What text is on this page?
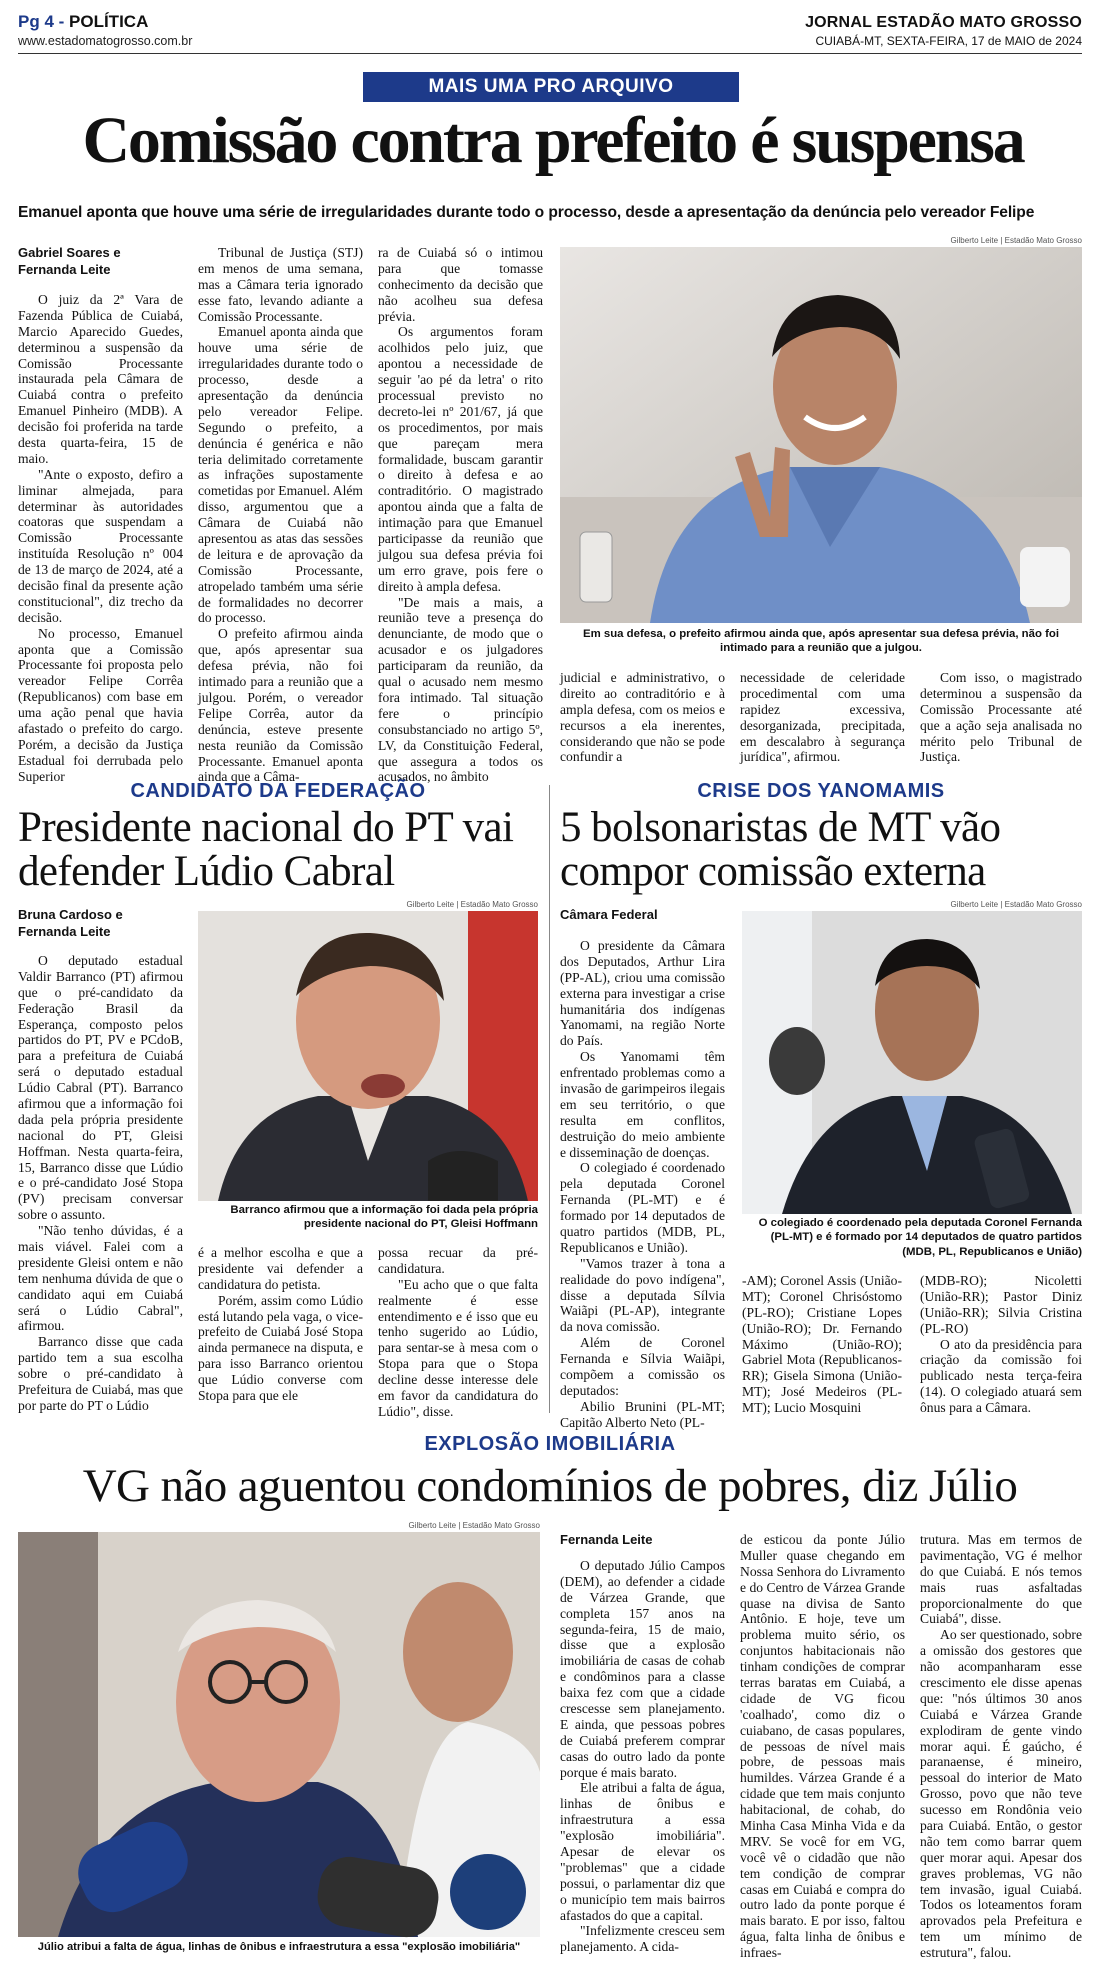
Pg 4 - POLÍTICA
www.estadomatogrosso.com.br
JORNAL ESTADÃO MATO GROSSO
CUIABÁ-MT, SEXTA-FEIRA, 17 de MAIO de 2024
MAIS UMA PRO ARQUIVO
Comissão contra prefeito é suspensa
Emanuel aponta que houve uma série de irregularidades durante todo o processo, desde a apresentação da denúncia pelo vereador Felipe
Gabriel Soares e
Fernanda Leite

O juiz da 2ª Vara de Fazenda Pública de Cuiabá, Marcio Aparecido Guedes, determinou a suspensão da Comissão Processante instaurada pela Câmara de Cuiabá contra o prefeito Emanuel Pinheiro (MDB). A decisão foi proferida na tarde desta quarta-feira, 15 de maio.

"Ante o exposto, defiro a liminar almejada, para determinar às autoridades coatoras que suspendam a Comissão Processante instituída Resolução nº 004 de 13 de março de 2024, até a decisão final da presente ação constitucional", diz trecho da decisão.

No processo, Emanuel aponta que a Comissão Processante foi proposta pelo vereador Felipe Corrêa (Republicanos) com base em uma ação penal que havia afastado o prefeito do cargo. Porém, a decisão da Justiça Estadual foi derrubada pelo Superior

Tribunal de Justiça (STJ) em menos de uma semana, mas a Câmara teria ignorado esse fato, levando adiante a Comissão Processante.

Emanuel aponta ainda que houve uma série de irregularidades durante todo o processo, desde a apresentação da denúncia pelo vereador Felipe. Segundo o prefeito, a denúncia é genérica e não teria delimitado corretamente as infrações supostamente cometidas por Emanuel. Além disso, argumentou que a Câmara de Cuiabá não apresentou as atas das sessões de leitura e de aprovação da Comissão Processante, atropelado também uma série de formalidades no decorrer do processo.

O prefeito afirmou ainda que, após apresentar sua defesa prévia, não foi intimado para a reunião que a julgou. Porém, o vereador Felipe Corrêa, autor da denúncia, esteve presente nesta reunião da Comissão Processante. Emanuel aponta ainda que a Câma-

ra de Cuiabá só o intimou para que tomasse conhecimento da decisão que não acolheu sua defesa prévia.

Os argumentos foram acolhidos pelo juiz, que apontou a necessidade de seguir 'ao pé da letra' o rito processual previsto no decreto-lei nº 201/67, já que os procedimentos, por mais que pareçam mera formalidade, buscam garantir o direito à defesa e ao contraditório. O magistrado apontou ainda que a falta de intimação para que Emanuel participasse da reunião que julgou sua defesa prévia foi um erro grave, pois fere o direito à ampla defesa.

"De mais a mais, a reunião teve a presença do denunciante, de modo que o acusador e os julgadores participaram da reunião, da qual o acusado nem mesmo fora intimado. Tal situação fere o princípio consubstanciado no artigo 5º, LV, da Constituição Federal, que assegura a todos os acusados, no âmbito

Gilberto Leite | Estadão Mato Grosso
Em sua defesa, o prefeito afirmou ainda que, após apresentar sua defesa prévia, não foi intimado para a reunião que a julgou.

judicial e administrativo, o direito ao contraditório e à ampla defesa, com os meios e recursos a ela inerentes, considerando que não se pode confundir a

necessidade de celeridade procedimental com uma rapidez excessiva, desorganizada, precipitada, em descalabro à segurança jurídica", afirmou.

Com isso, o magistrado determinou a suspensão da Comissão Processante até que a ação seja analisada no mérito pelo Tribunal de Justiça.

CANDIDATO DA FEDERAÇÃO
Presidente nacional do PT vai defender Lúdio Cabral
Bruna Cardoso e
Fernanda Leite

O deputado estadual Valdir Barranco (PT) afirmou que o pré-candidato da Federação Brasil da Esperança, composto pelos partidos do PT, PV e PCdoB, para a prefeitura de Cuiabá será o deputado estadual Lúdio Cabral (PT). Barranco afirmou que a informação foi dada pela própria presidente nacional do PT, Gleisi Hoffman. Nesta quarta-feira, 15, Barranco disse que Lúdio e o pré-candidato José Stopa (PV) precisam conversar sobre o assunto.

"Não tenho dúvidas, é a mais viável. Falei com a presidente Gleisi ontem e não tem nenhuma dúvida de que o candidato aqui em Cuiabá será o Lúdio Cabral", afirmou.

Barranco disse que cada partido tem a sua escolha sobre o pré-candidato à Prefeitura de Cuiabá, mas que por parte do PT o Lúdio

Gilberto Leite | Estadão Mato Grosso
Barranco afirmou que a informação foi dada pela própria presidente nacional do PT, Gleisi Hoffmann

é a melhor escolha e que a presidente vai defender a candidatura do petista.

Porém, assim como Lúdio está lutando pela vaga, o vice-prefeito de Cuiabá José Stopa ainda permanece na disputa, e para isso Barranco orientou que Lúdio converse com Stopa para que ele

possa recuar da pré-candidatura.

"Eu acho que o que falta realmente é esse entendimento e é isso que eu tenho sugerido ao Lúdio, para sentar-se à mesa com o Stopa para que o Stopa decline desse interesse dele em favor da candidatura do Lúdio", disse.

CRISE DOS YANOMAMIS
5 bolsonaristas de MT vão compor comissão externa
Câmara Federal

O presidente da Câmara dos Deputados, Arthur Lira (PP-AL), criou uma comissão externa para investigar a crise humanitária dos indígenas Yanomami, na região Norte do País.

Os Yanomami têm enfrentado problemas como a invasão de garimpeiros ilegais em seu território, o que resulta em conflitos, destruição do meio ambiente e disseminação de doenças.

O colegiado é coordenado pela deputada Coronel Fernanda (PL-MT) e é formado por 14 deputados de quatro partidos (MDB, PL, Republicanos e União).

"Vamos trazer à tona a realidade do povo indígena", disse a deputada Sílvia Waiãpi (PL-AP), integrante da nova comissão.

Além de Coronel Fernanda e Sílvia Waiãpi, compõem a comissão os deputados:

Abilio Brunini (PL-MT; Capitão Alberto Neto (PL-

Gilberto Leite | Estadão Mato Grosso
O colegiado é coordenado pela deputada Coronel Fernanda (PL-MT) e é formado por 14 deputados de quatro partidos (MDB, PL, Republicanos e União)

-AM); Coronel Assis (União-MT); Coronel Chrisóstomo (PL-RO); Cristiane Lopes (União-RO); Dr. Fernando Máximo (União-RO); Gabriel Mota (Republicanos-RR); Gisela Simona (União-MT); José Medeiros (PL-MT); Lucio Mosquini

(MDB-RO); Nicoletti (União-RR); Pastor Diniz (União-RR); Silvia Cristina (PL-RO)

O ato da presidência para criação da comissão foi publicado nesta terça-feira (14). O colegiado atuará sem ônus para a Câmara.

EXPLOSÃO IMOBILIÁRIA
VG não aguentou condomínios de pobres, diz Júlio
Gilberto Leite | Estadão Mato Grosso
Júlio atribui a falta de água, linhas de ônibus e infraestrutura a essa "explosão imobiliária"
Fernanda Leite

O deputado Júlio Campos (DEM), ao defender a cidade de Várzea Grande, que completa 157 anos na segunda-feira, 15 de maio, disse que a explosão imobiliária de casas de cohab e condôminos para a classe baixa fez com que a cidade crescesse sem planejamento. E ainda, que pessoas pobres de Cuiabá preferem comprar casas do outro lado da ponte porque é mais barato.

Ele atribui a falta de água, linhas de ônibus e infraestrutura a essa "explosão imobiliária". Apesar de elevar os "problemas" que a cidade possui, o parlamentar diz que o município tem mais bairros afastados do que a capital.

"Infelizmente cresceu sem planejamento. A cida-

de esticou da ponte Júlio Muller quase chegando em Nossa Senhora do Livramento e do Centro de Várzea Grande quase na divisa de Santo Antônio. E hoje, teve um problema muito sério, os conjuntos habitacionais não tinham condições de comprar terras baratas em Cuiabá, a cidade de VG ficou 'coalhado', como diz o cuiabano, de casas populares, de pessoas de nível mais pobre, de pessoas mais humildes. Várzea Grande é a cidade que tem mais conjunto habitacional, de cohab, do Minha Casa Minha Vida e da MRV. Se você for em VG, você vê o cidadão que não tem condição de comprar casas em Cuiabá e compra do outro lado da ponte porque é mais barato. E por isso, faltou água, falta linha de ônibus e infraes-

trutura. Mas em termos de pavimentação, VG é melhor do que Cuiabá. E nós temos mais ruas asfaltadas proporcionalmente do que Cuiabá", disse.

Ao ser questionado, sobre a omissão dos gestores que não acompanharam esse crescimento ele disse apenas que: "nós últimos 30 anos Cuiabá e Várzea Grande explodiram de gente vindo morar aqui. É gaúcho, é paranaense, é mineiro, pessoal do interior de Mato Grosso, povo que não teve sucesso em Rondônia veio para Cuiabá. Então, o gestor não tem como barrar quem quer morar aqui. Apesar dos graves problemas, VG não tem invasão, igual Cuiabá. Todos os loteamentos foram aprovados pela Prefeitura e tem um mínimo de estrutura", falou.
